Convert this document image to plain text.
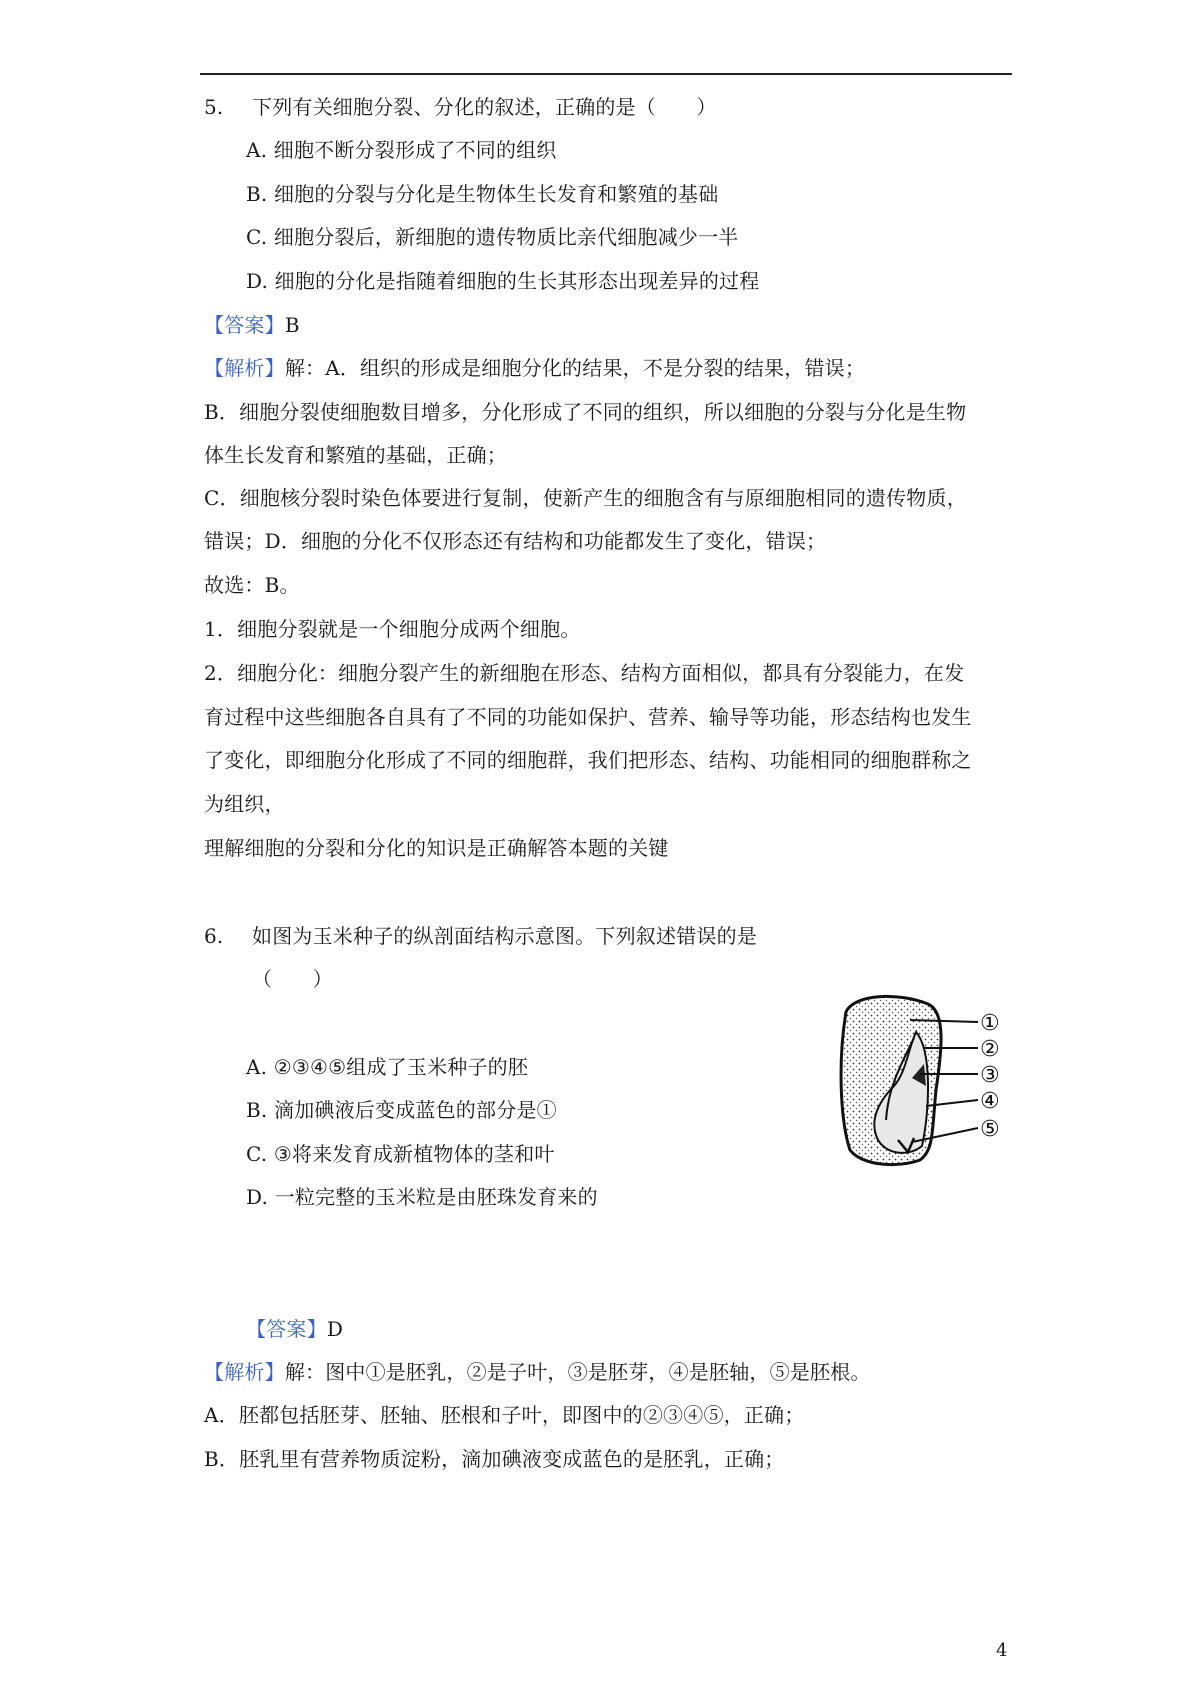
5. 下列有关细胞分裂、分化的叙述，正确的是（　　）
A. 细胞不断分裂形成了不同的组织
B. 细胞的分裂与分化是生物体生长发育和繁殖的基础
C. 细胞分裂后，新细胞的遗传物质比亲代细胞减少一半
D. 细胞的分化是指随着细胞的生长其形态出现差异的过程
【答案】B
【解析】解：A．组织的形成是细胞分化的结果，不是分裂的结果，错误；
B．细胞分裂使细胞数目增多，分化形成了不同的组织，所以细胞的分裂与分化是生物
体生长发育和繁殖的基础，正确；
C．细胞核分裂时染色体要进行复制，使新产生的细胞含有与原细胞相同的遗传物质，
错误；D．细胞的分化不仅形态还有结构和功能都发生了变化，错误；
故选：B。
1．细胞分裂就是一个细胞分成两个细胞。
2．细胞分化：细胞分裂产生的新细胞在形态、结构方面相似，都具有分裂能力，在发
育过程中这些细胞各自具有了不同的功能如保护、营养、输导等功能，形态结构也发生
了变化，即细胞分化形成了不同的细胞群，我们把形态、结构、功能相同的细胞群称之
为组织，
理解细胞的分裂和分化的知识是正确解答本题的关键
6. 如图为玉米种子的纵剖面结构示意图。下列叙述错误的是
（　　）
①
②
③
④
⑤
A. ②③④⑤组成了玉米种子的胚
B. 滴加碘液后变成蓝色的部分是①
C. ③将来发育成新植物体的茎和叶
D. 一粒完整的玉米粒是由胚珠发育来的
【答案】D
【解析】解：图中①是胚乳，②是子叶，③是胚芽，④是胚轴，⑤是胚根。
A．胚都包括胚芽、胚轴、胚根和子叶，即图中的②③④⑤，正确；
B．胚乳里有营养物质淀粉，滴加碘液变成蓝色的是胚乳，正确；
4
